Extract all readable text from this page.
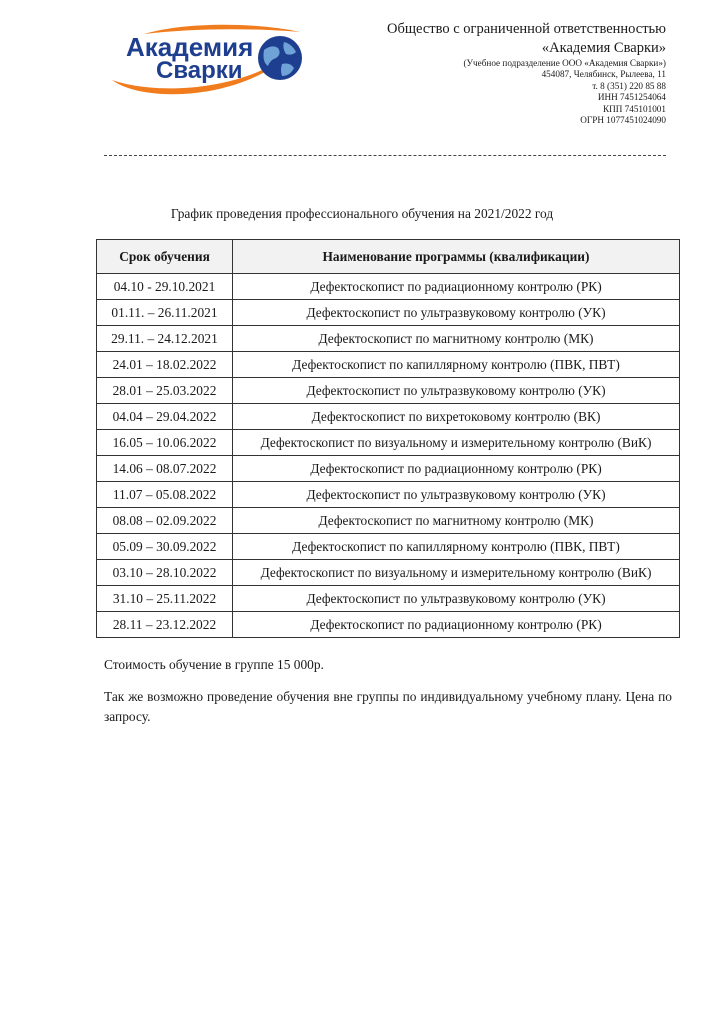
Академия
Сварки
Общество с ограниченной ответственностью
«Академия Сварки»
(Учебное подразделение ООО «Академия Сварки»)
454087, Челябинск, Рылеева, 11
т. 8 (351) 220 85 88
ИНН 7451254064
КПП 745101001
ОГРН 1077451024090
График проведения профессионального обучения на 2021/2022 год
Срок обучения	Наименование программы (квалификации)
04.10 - 29.10.2021	Дефектоскопист по радиационному контролю (РК)
01.11. – 26.11.2021	Дефектоскопист по ультразвуковому контролю (УК)
29.11. – 24.12.2021	Дефектоскопист по магнитному контролю (МК)
24.01 – 18.02.2022	Дефектоскопист по капиллярному контролю (ПВК, ПВТ)
28.01 – 25.03.2022	Дефектоскопист по ультразвуковому контролю (УК)
04.04 – 29.04.2022	Дефектоскопист по вихретоковому контролю (ВК)
16.05 – 10.06.2022	Дефектоскопист по визуальному и измерительному контролю (ВиК)
14.06 – 08.07.2022	Дефектоскопист по радиационному контролю (РК)
11.07 – 05.08.2022	Дефектоскопист по ультразвуковому контролю (УК)
08.08 – 02.09.2022	Дефектоскопист по магнитному контролю (МК)
05.09 – 30.09.2022	Дефектоскопист по капиллярному контролю (ПВК, ПВТ)
03.10 – 28.10.2022	Дефектоскопист по визуальному и измерительному контролю (ВиК)
31.10 – 25.11.2022	Дефектоскопист по ультразвуковому контролю (УК)
28.11 – 23.12.2022	Дефектоскопист по радиационному контролю (РК)
Стоимость обучение в группе 15 000р.
Так же возможно проведение обучения вне группы по индивидуальному учебному плану. Цена по запросу.
